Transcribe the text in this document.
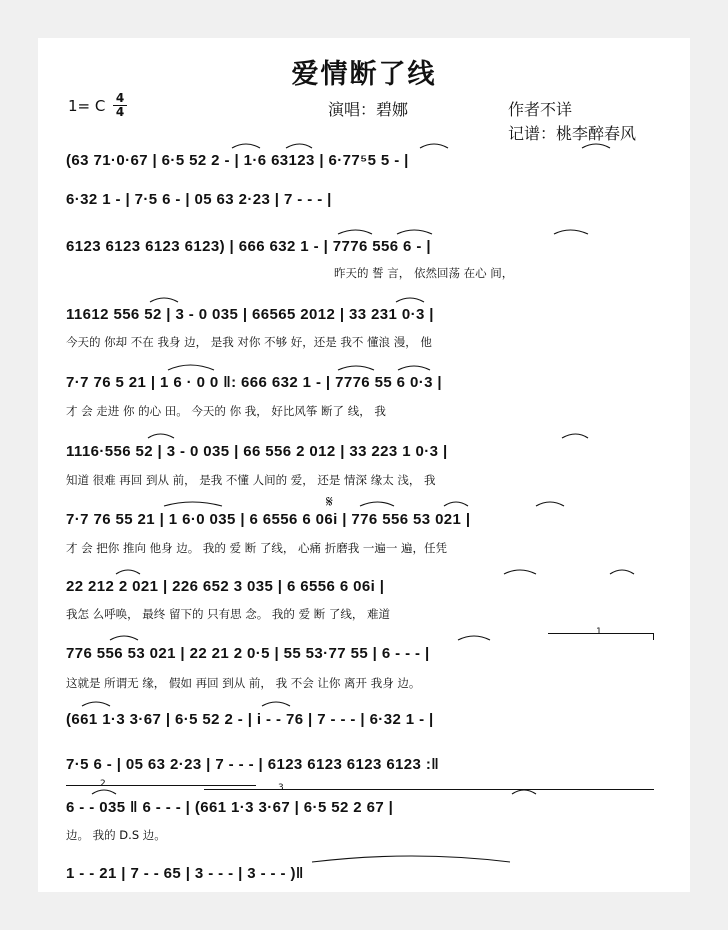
爱情断了线
1= C 4
4	演唱：碧娜	作者不详
记谱：桃李醉春风
(63 71·0·67 | 6·5 52 2 - | 1·6 63123 | 6·77⁵5 5 - |
6·32 1 - | 7·5 6 - | 05 63 2·23 | 7 - - - |
6123 6123 6123 6123) | 666 632 1 - | 7776 556 6 - |
昨天的 誓 言， 依然回荡 在心 间，
11612 556 52 | 3 - 0 035 | 66565 2012 | 33 231 0·3 |
今天的 你却 不在 我身 边， 是我 对你 不够 好，还是 我不 懂浪 漫， 他
7·7 76 5 21 | 1 6 · 0 0 ‖: 666 632 1 - | 7776 55 6 0·3 |
才 会 走进 你 的心 田。 今天的 你 我， 好比风筝 断了 线， 我
1116·556 52 | 3 - 0 035 | 66 556 2 012 | 33 223 1 0·3 |
知道 很难 再回 到从 前， 是我 不懂 人间的 爱， 还是 情深 缘太 浅， 我
7·7 76 55 21 | 1 6·0 035 | 6 6556 6 06i | 776 556 53 021 |
才 会 把你 推向 他身 边。 我的 爱 断 了线， 心痛 折磨我 一遍一 遍，任凭
22 212 2 021 | 226 652 3 035 | 6 6556 6 06i |
我怎 么呼唤， 最终 留下的 只有思 念。 我的 爱 断 了线， 难道
776 556 53 021 | 22 21 2 0·5 | 55 53·77 55 | 6 - - - |
这就是 所谓无 缘， 假如 再回 到从 前， 我 不会 让你 离开 我身 边。
(661 1·3 3·67 | 6·5 52 2 - | i - - 76 | 7 - - - | 6·32 1 - |
7·5 6 - | 05 63 2·23 | 7 - - - | 6123 6123 6123 6123 :‖
6 - - 035 ‖ 6 - - - | (661 1·3 3·67 | 6·5 52 2 67 |
边。 我的 D.S 边。
1 - - 21 | 7 - - 65 | 3 - - - | 3 - - - )‖
1
2	3
𝄋
